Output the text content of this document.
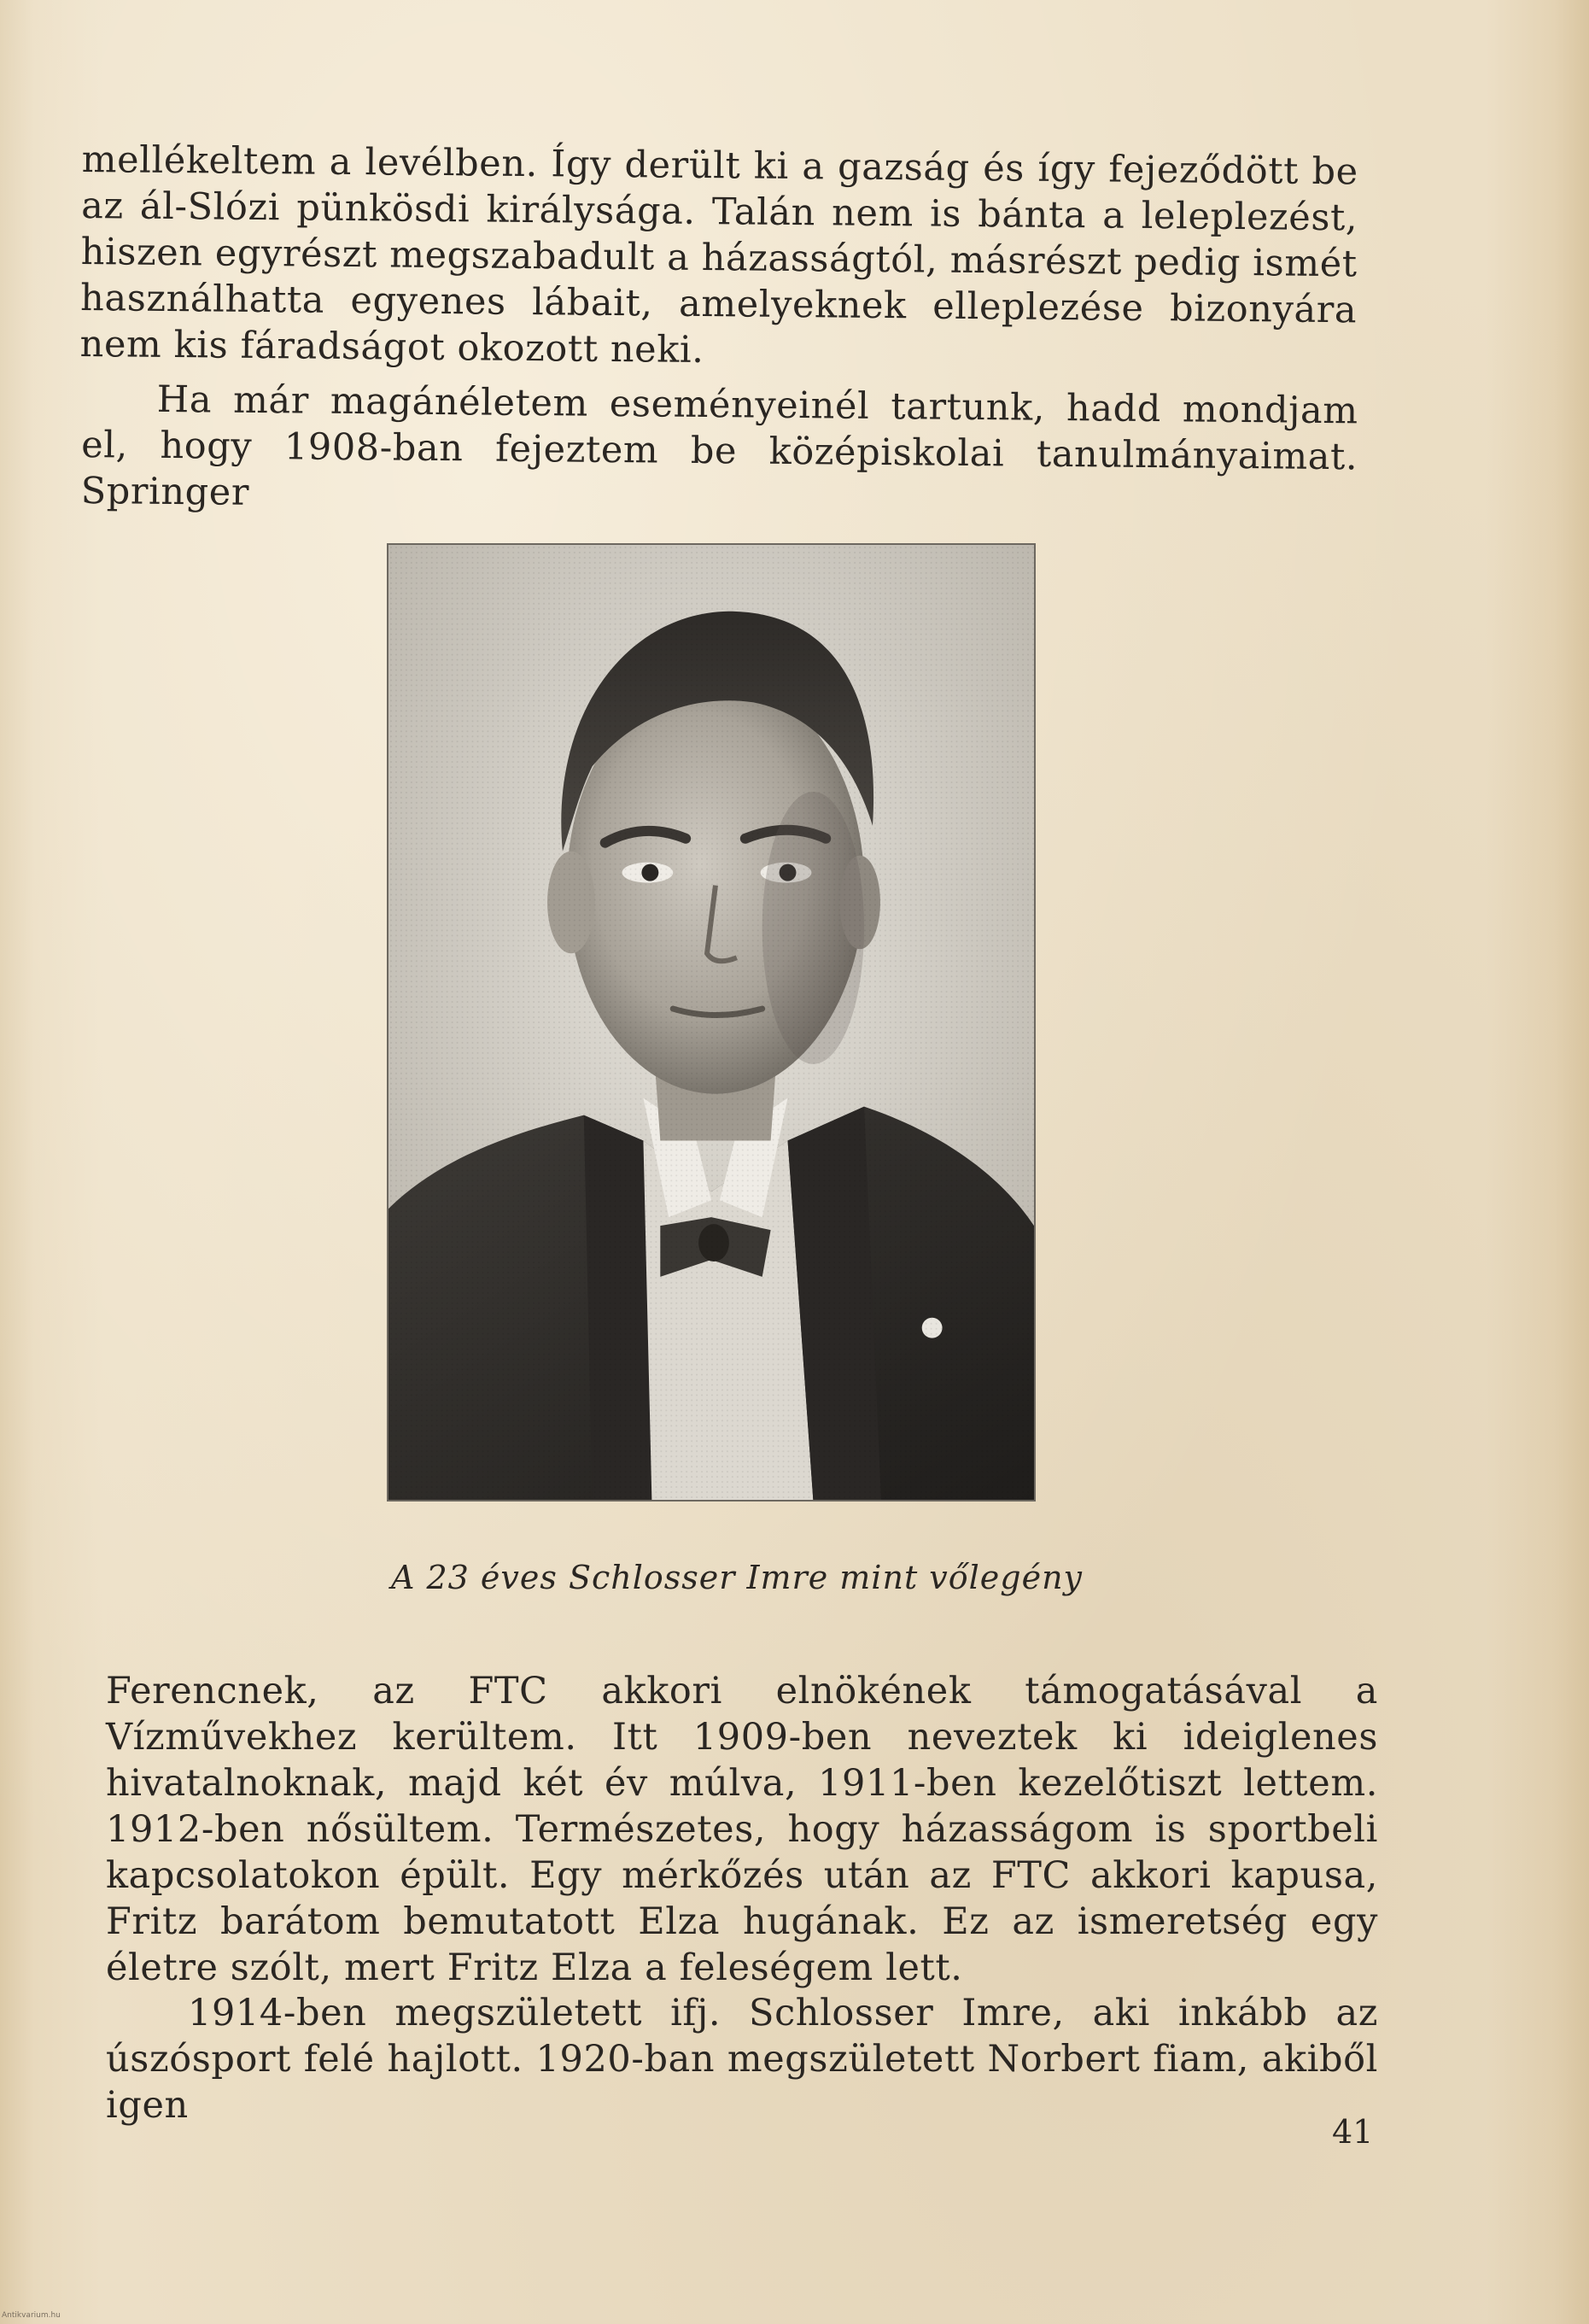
mellékeltem a levélben. Így derült ki a gazság és így fejeződött be az ál-Slózi pünkösdi királysága. Talán nem is bánta a leleplezést, hiszen egyrészt megszabadult a házasságtól, másrészt pedig ismét használhatta egyenes lábait, amelyeknek elleplezése bizonyára nem kis fáradságot okozott neki.

Ha már magánéletem eseményeinél tartunk, hadd mondjam el, hogy 1908-ban fejeztem be középiskolai tanulmányaimat. Springer

A 23 éves Schlosser Imre mint vőlegény

Ferencnek, az FTC akkori elnökének támogatásával a Vízművekhez kerültem. Itt 1909-ben neveztek ki ideiglenes hivatalnoknak, majd két év múlva, 1911-ben kezelőtiszt lettem. 1912-ben nősültem. Természetes, hogy házasságom is sportbeli kapcsolatokon épült. Egy mérkőzés után az FTC akkori kapusa, Fritz barátom bemutatott Elza hugának. Ez az ismeretség egy életre szólt, mert Fritz Elza a feleségem lett.

1914-ben megszületett ifj. Schlosser Imre, aki inkább az úszósport felé hajlott. 1920-ban megszületett Norbert fiam, akiből igen

41

Antikvarium.hu
